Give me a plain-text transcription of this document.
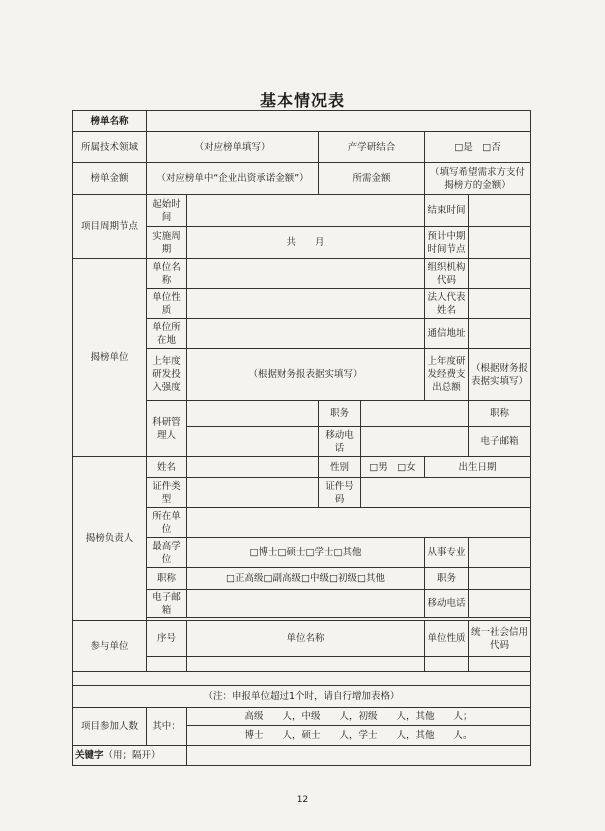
基本情况表
榜单名称							
所属技术领域	（对应榜单填写）		产学研结合		□是　□否		
榜单金额	（对应榜单中“企业出资承诺金额”）		所需金额		（填写希望需求方支付揭榜方的金额）		
项目周期节点	起始时间				结束时间		
	实施周期	共　　月			预计中期时间节点		
揭榜单位	单位名称				组织机构代码		
	单位性质				法人代表姓名		
	单位所在地				通信地址		
	上年度研发投入强度	（根据财务报表据实填写）			上年度研发经费支出总额	（根据财务报表据实填写）	
	科研管理人		职务			职称	
			移动电话			电子邮箱	
揭榜负责人	姓名		性别	□男　□女	出生日期		
	证件类型		证件号码				
	所在单位						
	最高学位	□博士□硕士□学士□其他			从事专业		
	职称	□正高级□副高级□中级□初级□其他			职务		
	电子邮箱				移动电话		

参与单位	序号	单位名称			单位性质	统一社会信用代码	

（注：申报单位超过1个时，请自行增加表格）							
项目参加人数	其中：	高级　　人，中级　　人，初级　　人，其他　　人；					
		博士　　人，硕士　　人，学士　　人，其他　　人。					
关键字（用；隔开）							
12
